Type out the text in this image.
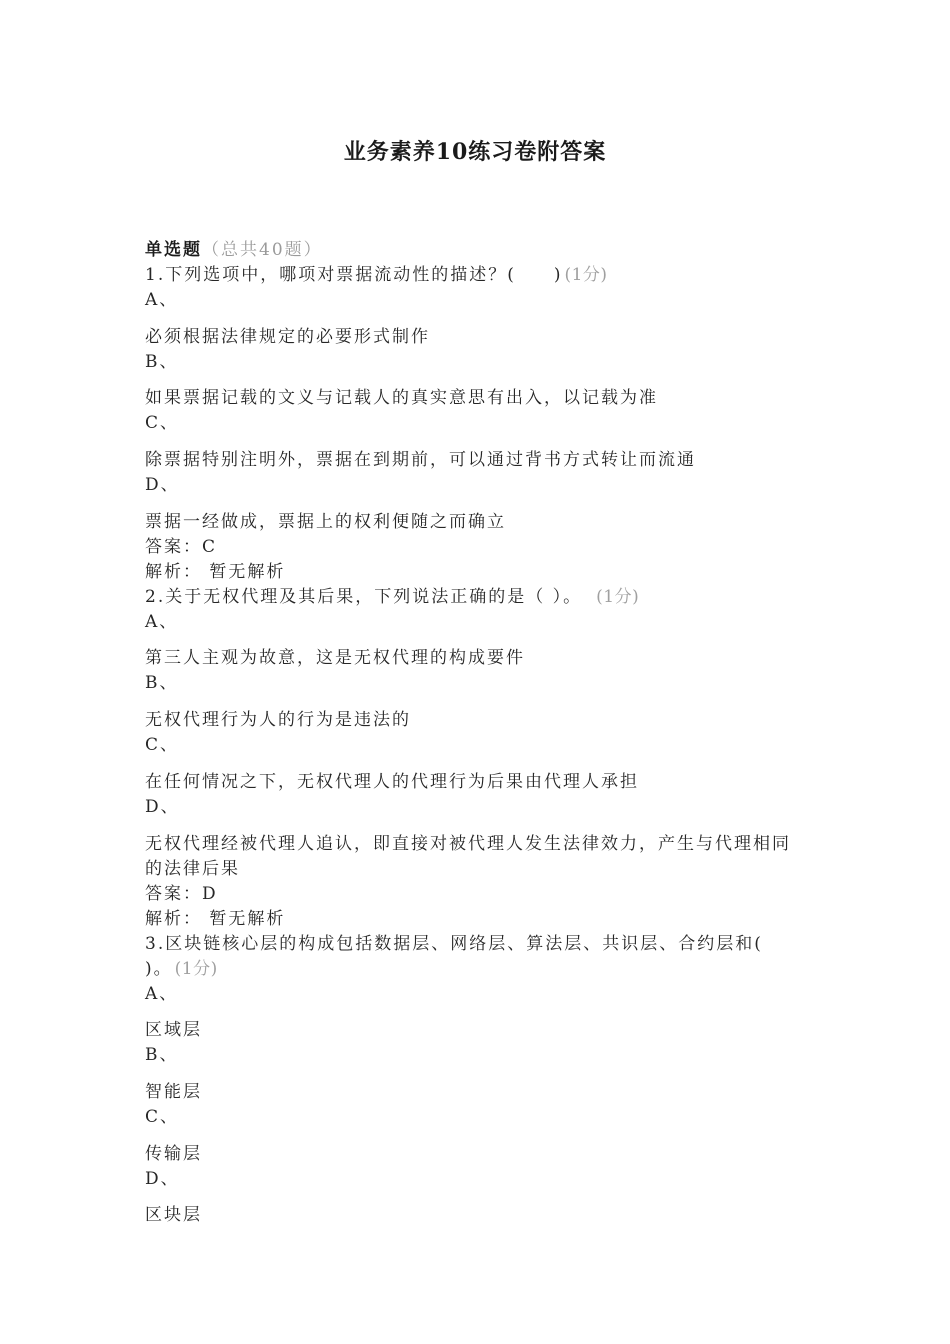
业务素养10练习卷附答案
单选题（总共40题）
1.下列选项中，哪项对票据流动性的描述？(　　) (1分)
A、
必须根据法律规定的必要形式制作
B、
如果票据记载的文义与记载人的真实意思有出入，以记载为准
C、
除票据特别注明外，票据在到期前，可以通过背书方式转让而流通
D、
票据一经做成，票据上的权利便随之而确立
答案：C
解析： 暂无解析
2.关于无权代理及其后果，下列说法正确的是（ ）。 (1分)
A、
第三人主观为故意，这是无权代理的构成要件
B、
无权代理行为人的行为是违法的
C、
在任何情况之下，无权代理人的代理行为后果由代理人承担
D、
无权代理经被代理人追认，即直接对被代理人发生法律效力，产生与代理相同
的法律后果
答案：D
解析： 暂无解析
3.区块链核心层的构成包括数据层、网络层、算法层、共识层、合约层和(
)。 (1分)
A、
区域层
B、
智能层
C、
传输层
D、
区块层
